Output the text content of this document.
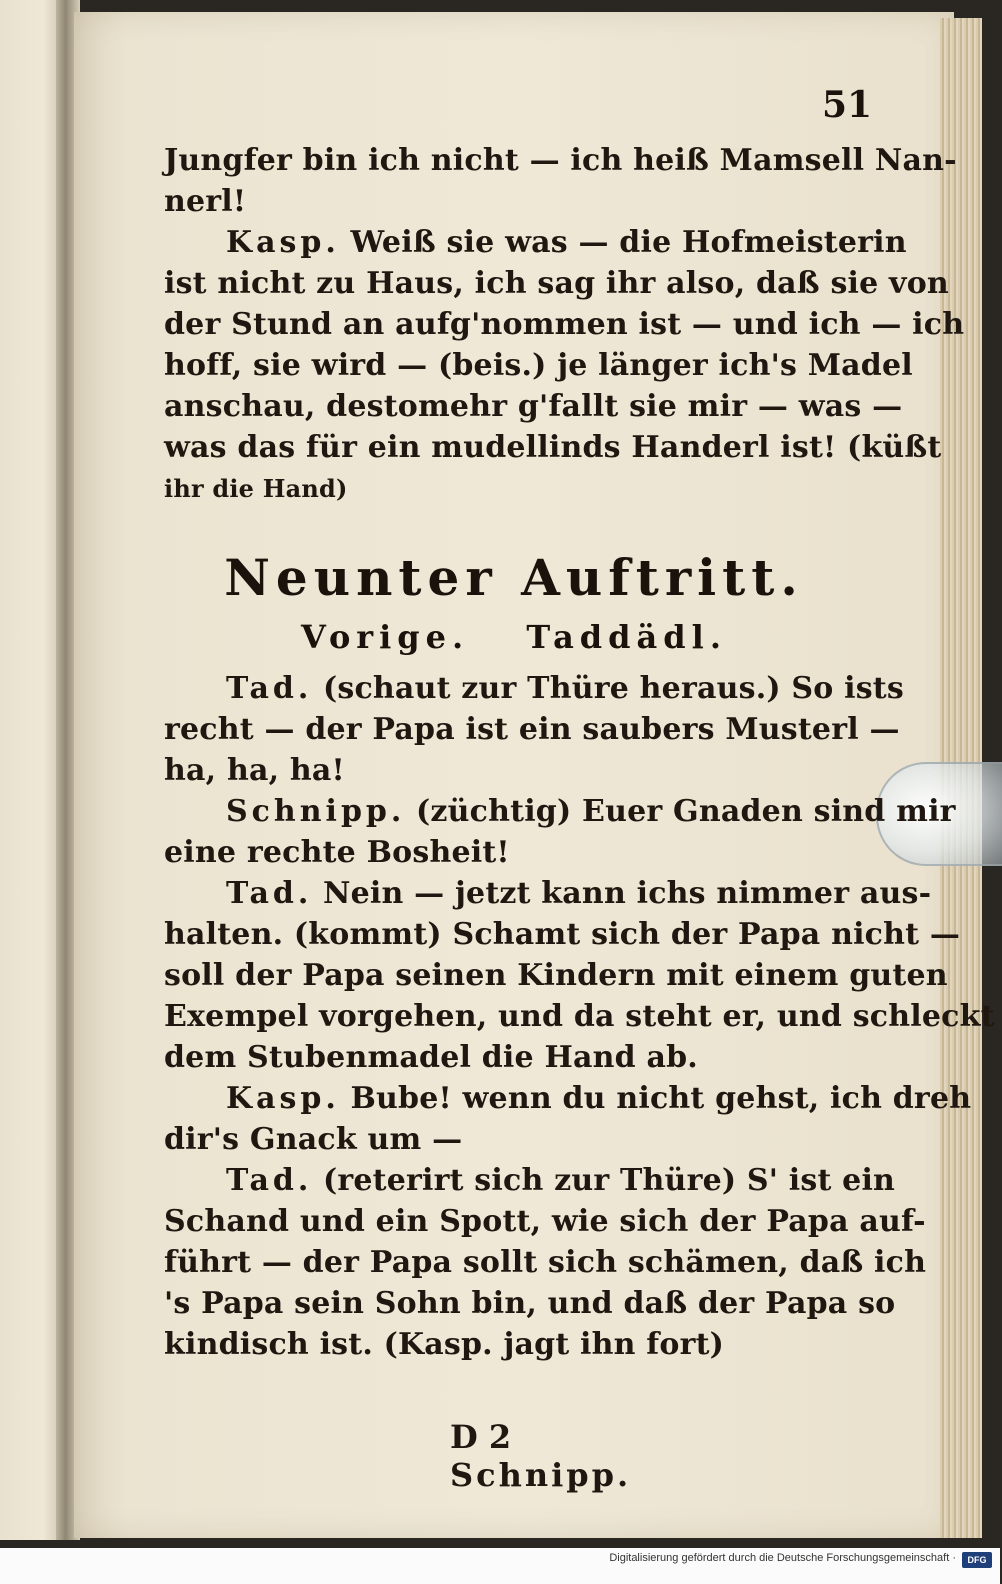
51
Jungfer bin ich nicht — ich heiß Mamsell Nan-
nerl!
Kasp. Weiß sie was — die Hofmeisterin
ist nicht zu Haus, ich sag ihr also, daß sie von
der Stund an aufg'nommen ist — und ich — ich
hoff, sie wird — (beis.) je länger ich's Madel
anschau, destomehr g'fallt sie mir — was —
was das für ein mudellinds Handerl ist! (küßt
ihr die Hand)
Neunter Auftritt.
Vorige. Taddädl.
Tad. (schaut zur Thüre heraus.) So ists
recht — der Papa ist ein saubers Musterl —
ha, ha, ha!
Schnipp. (züchtig) Euer Gnaden sind mir
eine rechte Bosheit!
Tad. Nein — jetzt kann ichs nimmer aus-
halten. (kommt) Schamt sich der Papa nicht —
soll der Papa seinen Kindern mit einem guten
Exempel vorgehen, und da steht er, und schleckt
dem Stubenmadel die Hand ab.
Kasp. Bube! wenn du nicht gehst, ich dreh
dir's Gnack um —
Tad. (reterirt sich zur Thüre) S' ist ein
Schand und ein Spott, wie sich der Papa auf-
führt — der Papa sollt sich schämen, daß ich
's Papa sein Sohn bin, und daß der Papa so
kindisch ist. (Kasp. jagt ihn fort)
D 2 Schnipp.
Digitalisierung gefördert durch die Deutsche Forschungsgemeinschaft ·	DFG
